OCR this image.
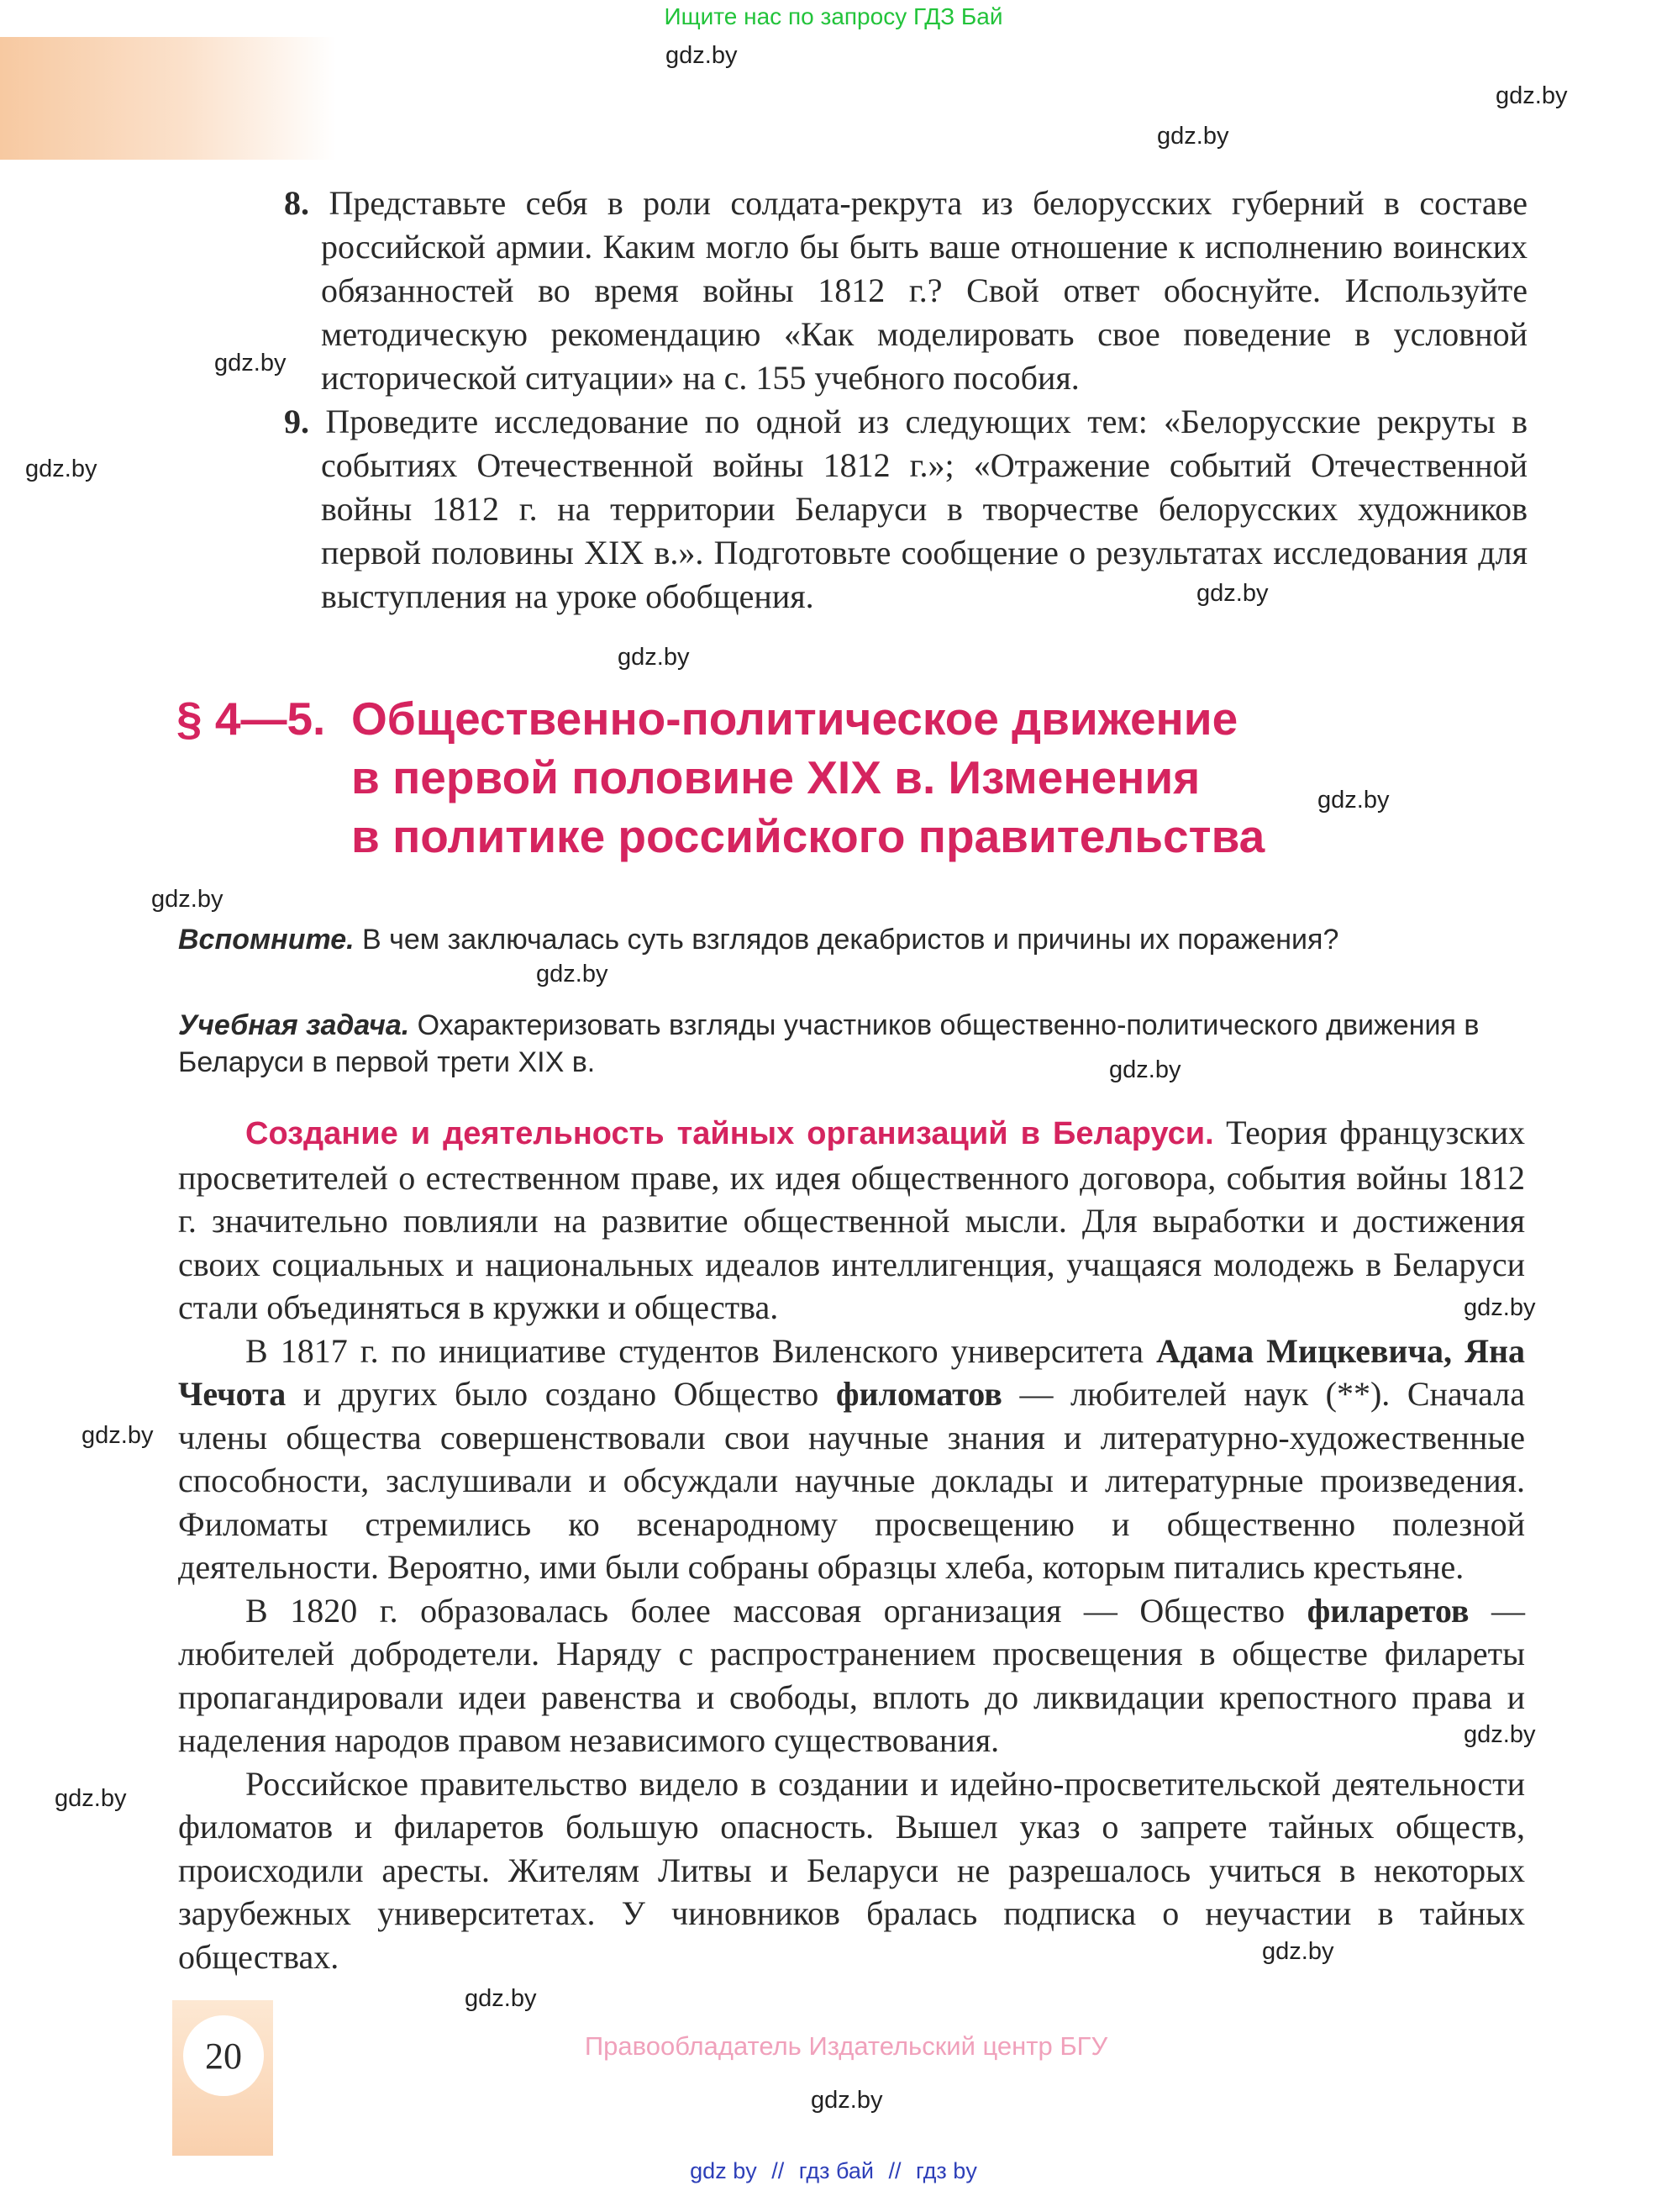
Ищите нас по запросу ГДЗ Бай
gdz.by
gdz.by
gdz.by
gdz.by
gdz.by
gdz.by
gdz.by
gdz.by
gdz.by
gdz.by
gdz.by
gdz.by
gdz.by
gdz.by
gdz.by
gdz.by
gdz.by
gdz.by

8. Представьте себя в роли солдата-рекрута из белорусских губерний в составе российской армии. Каким могло бы быть ваше отношение к исполнению воинских обязанностей во время войны 1812 г.? Свой ответ обоснуйте. Используйте методическую рекомендацию «Как моделировать свое поведение в условной исторической ситуации» на с. 155 учебного пособия.

9. Проведите исследование по одной из следующих тем: «Белорусские рекруты в событиях Отечественной войны 1812 г.»; «Отражение событий Отечественной войны 1812 г. на территории Беларуси в творчестве белорусских художников первой половины XIX в.». Подготовьте сообщение о результатах исследования для выступления на уроке обобщения.

§ 4—5. Общественно-политическое движение
в первой половине XIX в. Изменения
в политике российского правительства
Вспомните. В чем заключалась суть взглядов декабристов и причины их поражения?
Учебная задача. Охарактеризовать взгляды участников общественно-политического движения в Беларуси в первой трети XIX в.

Создание и деятельность тайных организаций в Беларуси. Теория французских просветителей о естественном праве, их идея общественного договора, события войны 1812 г. значительно повлияли на развитие общественной мысли. Для выработки и достижения своих социальных и национальных идеалов интеллигенция, учащаяся молодежь в Беларуси стали объединяться в кружки и общества.

В 1817 г. по инициативе студентов Виленского университета Адама Мицкевича, Яна Чечота и других было создано Общество филоматов — любителей наук (**). Сначала члены общества совершенствовали свои научные знания и литературно-художественные способности, заслушивали и обсуждали научные доклады и литературные произведения. Филоматы стремились ко всенародному просвещению и общественно полезной деятельности. Вероятно, ими были собраны образцы хлеба, которым питались крестьяне.

В 1820 г. образовалась более массовая организация — Общество филаретов — любителей добродетели. Наряду с распространением просвещения в обществе филареты пропагандировали идеи равенства и свободы, вплоть до ликвидации крепостного права и наделения народов правом независимого существования.

Российское правительство видело в создании и идейно-просветительской деятельности филоматов и филаретов большую опасность. Вышел указ о запрете тайных обществ, происходили аресты. Жителям Литвы и Беларуси не разрешалось учиться в некоторых зарубежных университетах. У чиновников бралась подписка о неучастии в тайных обществах.

20	Правообладатель Издательский центр БГУ
gdz by // гдз бай // гдз by
